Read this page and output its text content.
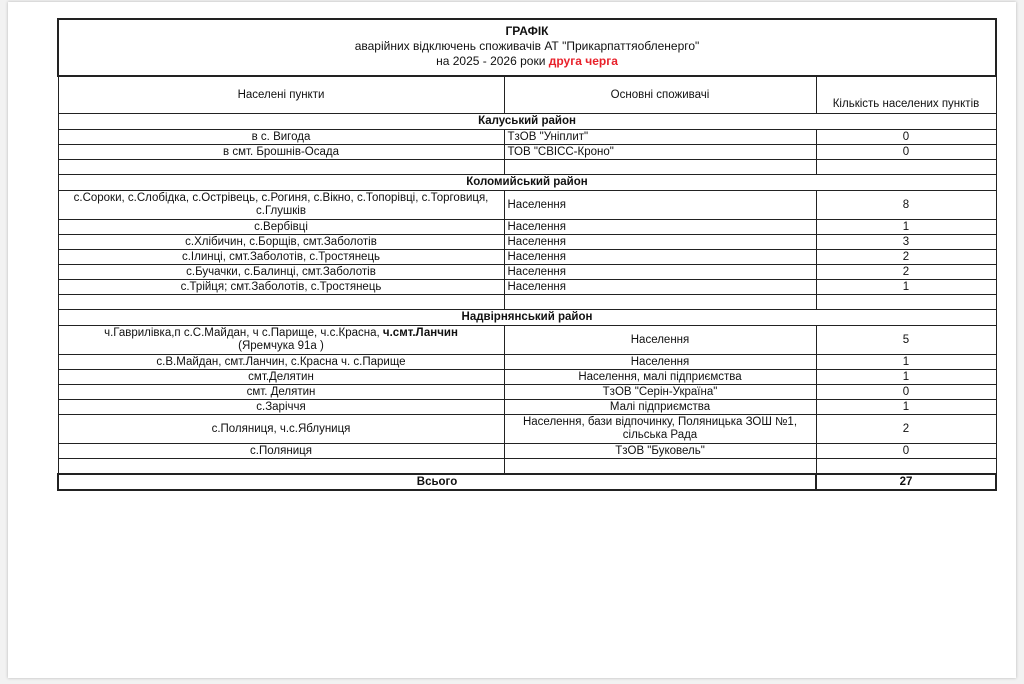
ГРАФІК
аварійних відключень споживачів АТ "Прикарпаттяобленерго"
на 2025 - 2026 роки друга черга		

Населені пункти	Основні споживачі	Кількість населених пунктів
Калуський район		
в с. Вигода	ТзОВ "Уніплит"	0
в смт. Брошнів-Осада	ТОВ "СВІСС-Кроно"	0

Коломийський район		
с.Сороки, с.Слобідка, с.Острівець, с.Рогиня, с.Вікно, с.Топорівці, с.Торговиця, с.Глушків	Населення	8
с.Вербівці	Населення	1
с.Хлібичин, с.Борщів, смт.Заболотів	Населення	3
с.Ілинці, смт.Заболотів, с.Тростянець	Населення	2
с.Бучачки, с.Балинці, смт.Заболотів	Населення	2
с.Трійця; смт.Заболотів, с.Тростянець	Населення	1

Надвірнянський район		

ч.Гаврилівка,п с.С.Майдан, ч с.Парище, ч.с.Красна, ч.смт.Ланчин
(Яремчука 91а )	Населення	5
с.В.Майдан, смт.Ланчин, с.Красна ч. с.Парище	Населення	1
смт.Делятин	Населення, малі підприємства	1
смт. Делятин	ТзОВ "Серін-Україна"	0
с.Заріччя	Малі підприємства	1
с.Поляниця, ч.с.Яблуниця	Населення, бази відпочинку, Поляницька ЗОШ №1, сільська Рада	2
с.Поляниця	ТзОВ "Буковель"	0

Всього		27
